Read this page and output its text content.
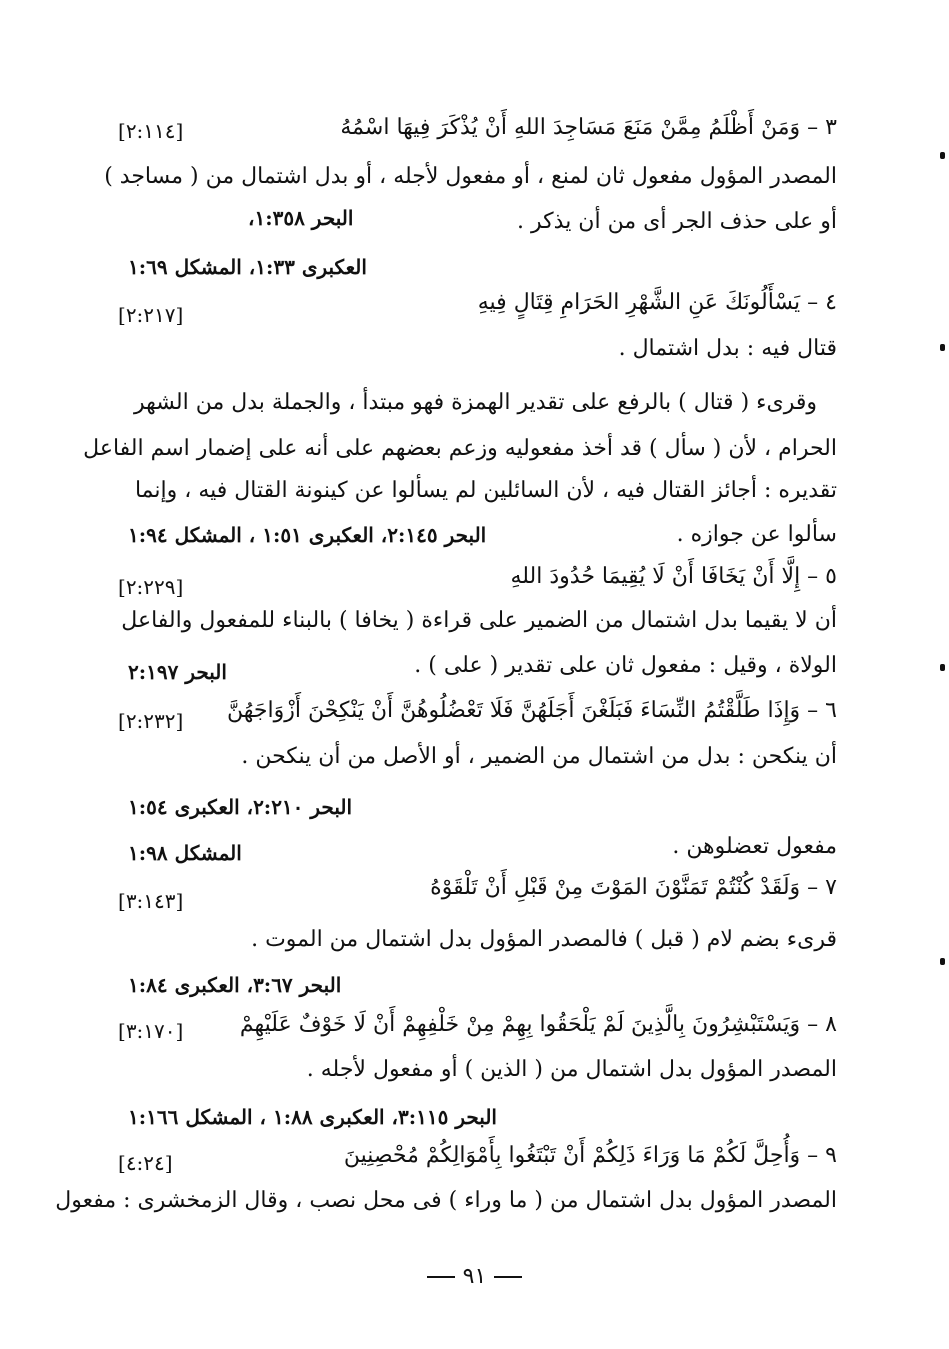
٣ – وَمَنْ أَظْلَمُ مِمَّنْ مَنَعَ مَسَاجِدَ اللهِ أَنْ يُذْكَرَ فِيهَا اسْمُهُ
[٢:١١٤]
المصدر المؤول مفعول ثان لمنع ، أو مفعول لأجله ، أو بدل اشتمال من ( مساجد )
أو على حذف الجر أى من أن يذكر .
البحر ١:٣٥٨،
العكبرى ١:٣٣، المشكل ١:٦٩
٤ – يَسْأَلُونَكَ عَنِ الشَّهْرِ الحَرَامِ قِتَالٍ فِيهِ
[٢:٢١٧]
قتال فيه : بدل اشتمال .
وقرىء ( قتال ) بالرفع على تقدير الهمزة فهو مبتدأ ، والجملة بدل من الشهر
الحرام ، لأن ( سأل ) قد أخذ مفعوليه وزعم بعضهم على أنه على إضمار اسم الفاعل
تقديره : أجائز القتال فيه ، لأن السائلين لم يسألوا عن كينونة القتال فيه ، وإنما
سألوا عن جوازه .
البحر ٢:١٤٥، العكبرى ١:٥١ ، المشكل ١:٩٤
٥ – إِلَّا أَنْ يَخَافَا أَنْ لَا يُقِيمَا حُدُودَ اللهِ
[٢:٢٢٩]
أن لا يقيما بدل اشتمال من الضمير على قراءة ( يخافا ) بالبناء للمفعول والفاعل
الولاة ، وقيل : مفعول ثان على تقدير ( على ) .
البحر ٢:١٩٧
٦ – وَإِذَا طَلَّقْتُمُ النِّسَاءَ فَبَلَغْنَ أَجَلَهُنَّ فَلَا تَعْضُلُوهُنَّ أَنْ يَنْكِحْنَ أَزْوَاجَهُنَّ
[٢:٢٣٢]
أن ينكحن : بدل من اشتمال من الضمير ، أو الأصل من أن ينكحن .
البحر ٢:٢١٠، العكبرى ١:٥٤
مفعول تعضلوهن .
المشكل ١:٩٨
٧ – وَلَقَدْ كُنْتُمْ تَمَنَّوْنَ المَوْتَ مِنْ قَبْلِ أَنْ تَلْقَوْهُ
[٣:١٤٣]
قرىء بضم لام ( قبل ) فالمصدر المؤول بدل اشتمال من الموت .
البحر ٣:٦٧، العكبرى ١:٨٤
٨ – وَيَسْتَبْشِرُونَ بِالَّذِينَ لَمْ يَلْحَقُوا بِهِمْ مِنْ خَلْفِهِمْ أَنْ لَا خَوْفٌ عَلَيْهِمْ
[٣:١٧٠]
المصدر المؤول بدل اشتمال من ( الذين ) أو مفعول لأجله .
البحر ٣:١١٥، العكبرى ١:٨٨ ، المشكل ١:١٦٦
٩ – وَأُحِلَّ لَكُمْ مَا وَرَاءَ ذَلِكُمْ أَنْ تَبْتَغُوا بِأَمْوَالِكُمْ مُحْصِنِينَ
[٤:٢٤]
المصدر المؤول بدل اشتمال من ( ما وراء ) فى محل نصب ، وقال الزمخشرى : مفعول
٩١
